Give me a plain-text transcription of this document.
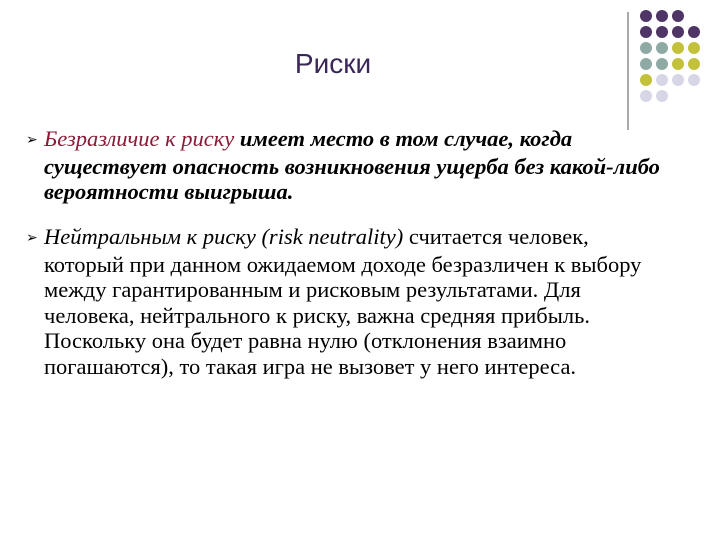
Риски
➢ Безразличие к риску имеет место в том случае, когда существует опасность возникновения ущерба без какой-либо вероятности выигрыша.
➢ Нейтральным к риску (risk neutrality) считается человек, который при данном ожидаемом доходе безразличен к выбору между гарантированным и рисковым результатами. Для человека, нейтрального к риску, важна средняя прибыль. Поскольку она будет равна нулю (отклонения взаимно погашаются), то такая игра не вызовет у него интереса.
